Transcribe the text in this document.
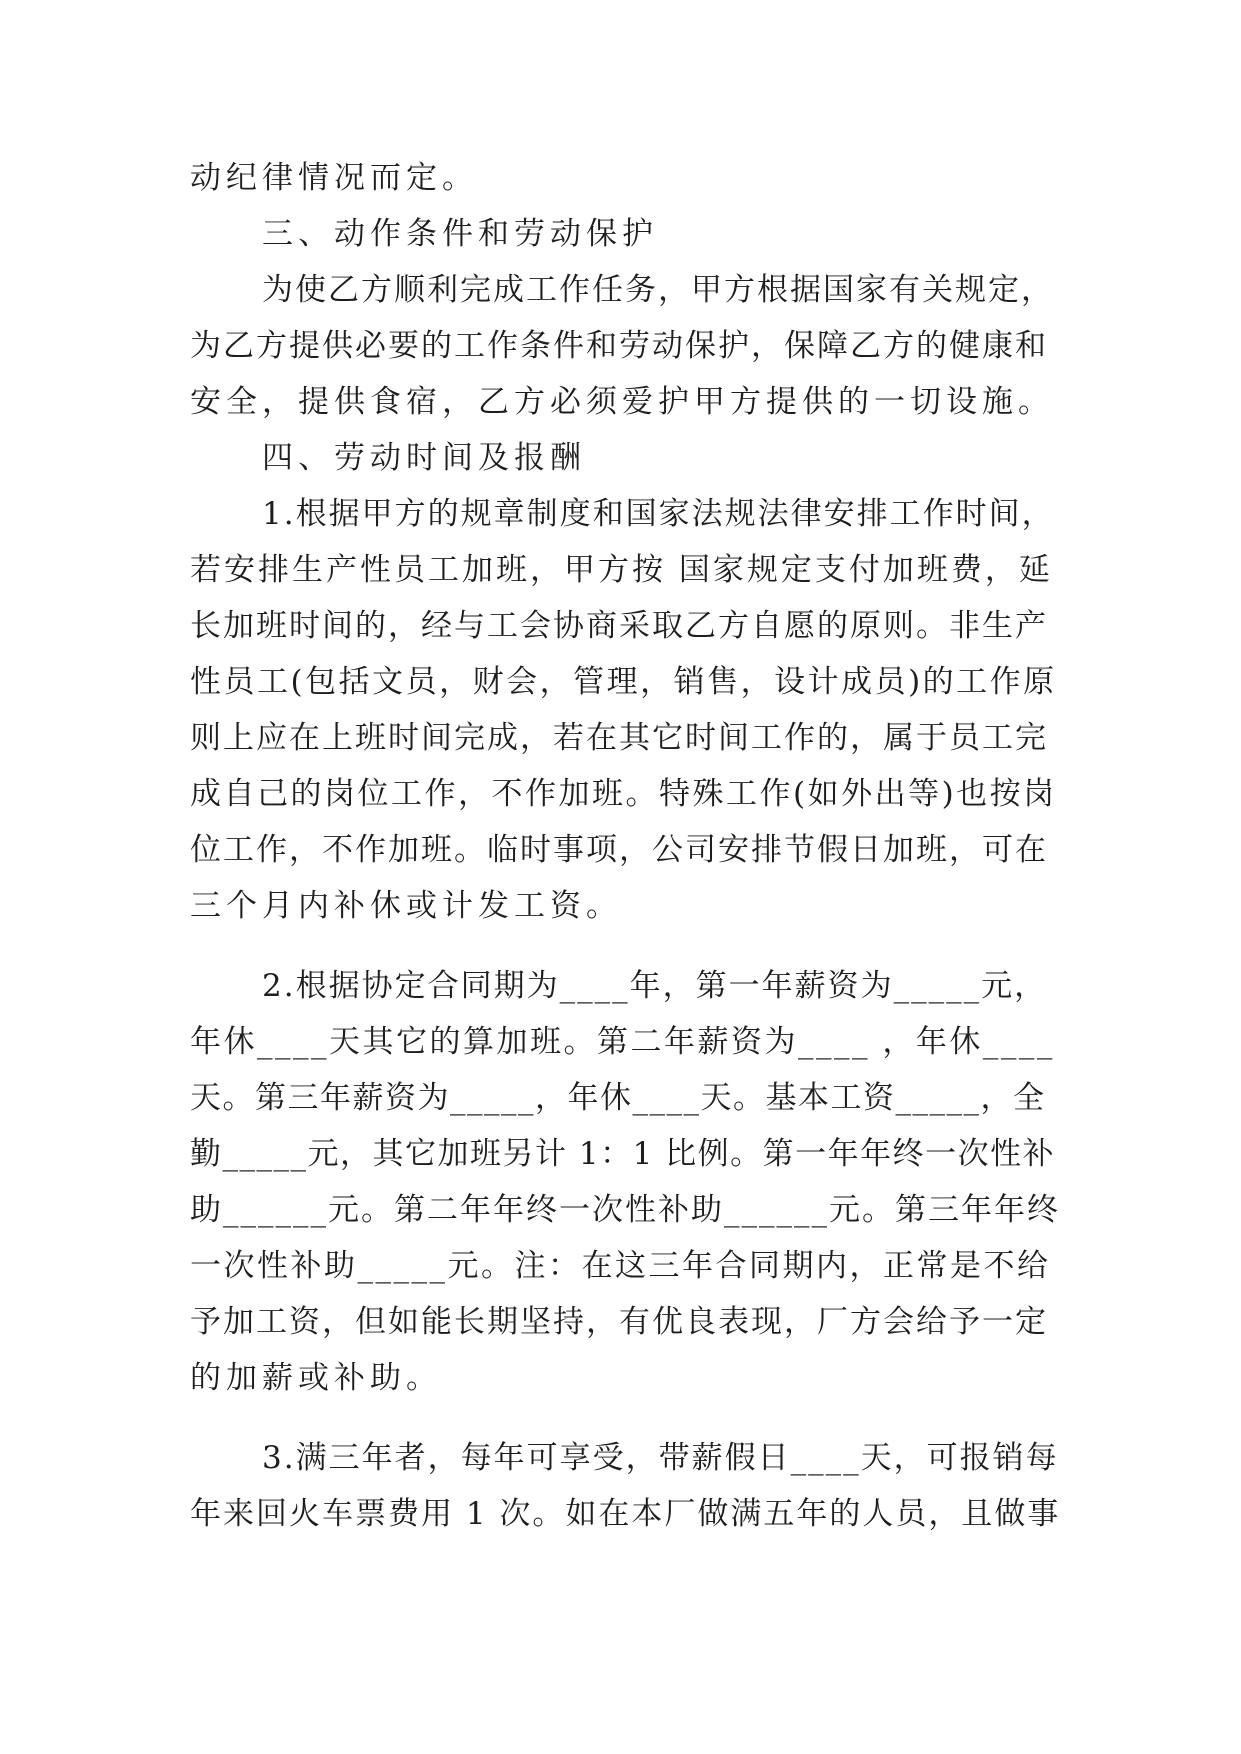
动纪律情况而定。
三、动作条件和劳动保护
为使乙方顺利完成工作任务，甲方根据国家有关规定，
为乙方提供必要的工作条件和劳动保护，保障乙方的健康和
安全，提供食宿，乙方必须爱护甲方提供的一切设施。
四、劳动时间及报酬
1.根据甲方的规章制度和国家法规法律安排工作时间，
若安排生产性员工加班，甲方按 国家规定支付加班费，延
长加班时间的，经与工会协商采取乙方自愿的原则。非生产
性员工(包括文员，财会，管理，销售，设计成员)的工作原
则上应在上班时间完成，若在其它时间工作的，属于员工完
成自己的岗位工作，不作加班。特殊工作(如外出等)也按岗
位工作，不作加班。临时事项，公司安排节假日加班，可在
三个月内补休或计发工资。
2.根据协定合同期为____年，第一年薪资为_____元，
年休____天其它的算加班。第二年薪资为____ ，年休____
天。第三年薪资为_____，年休____天。基本工资_____，全
勤_____元，其它加班另计 1：1 比例。第一年年终一次性补
助______元。第二年年终一次性补助______元。第三年年终
一次性补助_____元。注：在这三年合同期内，正常是不给
予加工资，但如能长期坚持，有优良表现，厂方会给予一定
的加薪或补助。
3.满三年者，每年可享受，带薪假日____天，可报销每
年来回火车票费用 1 次。如在本厂做满五年的人员，且做事
